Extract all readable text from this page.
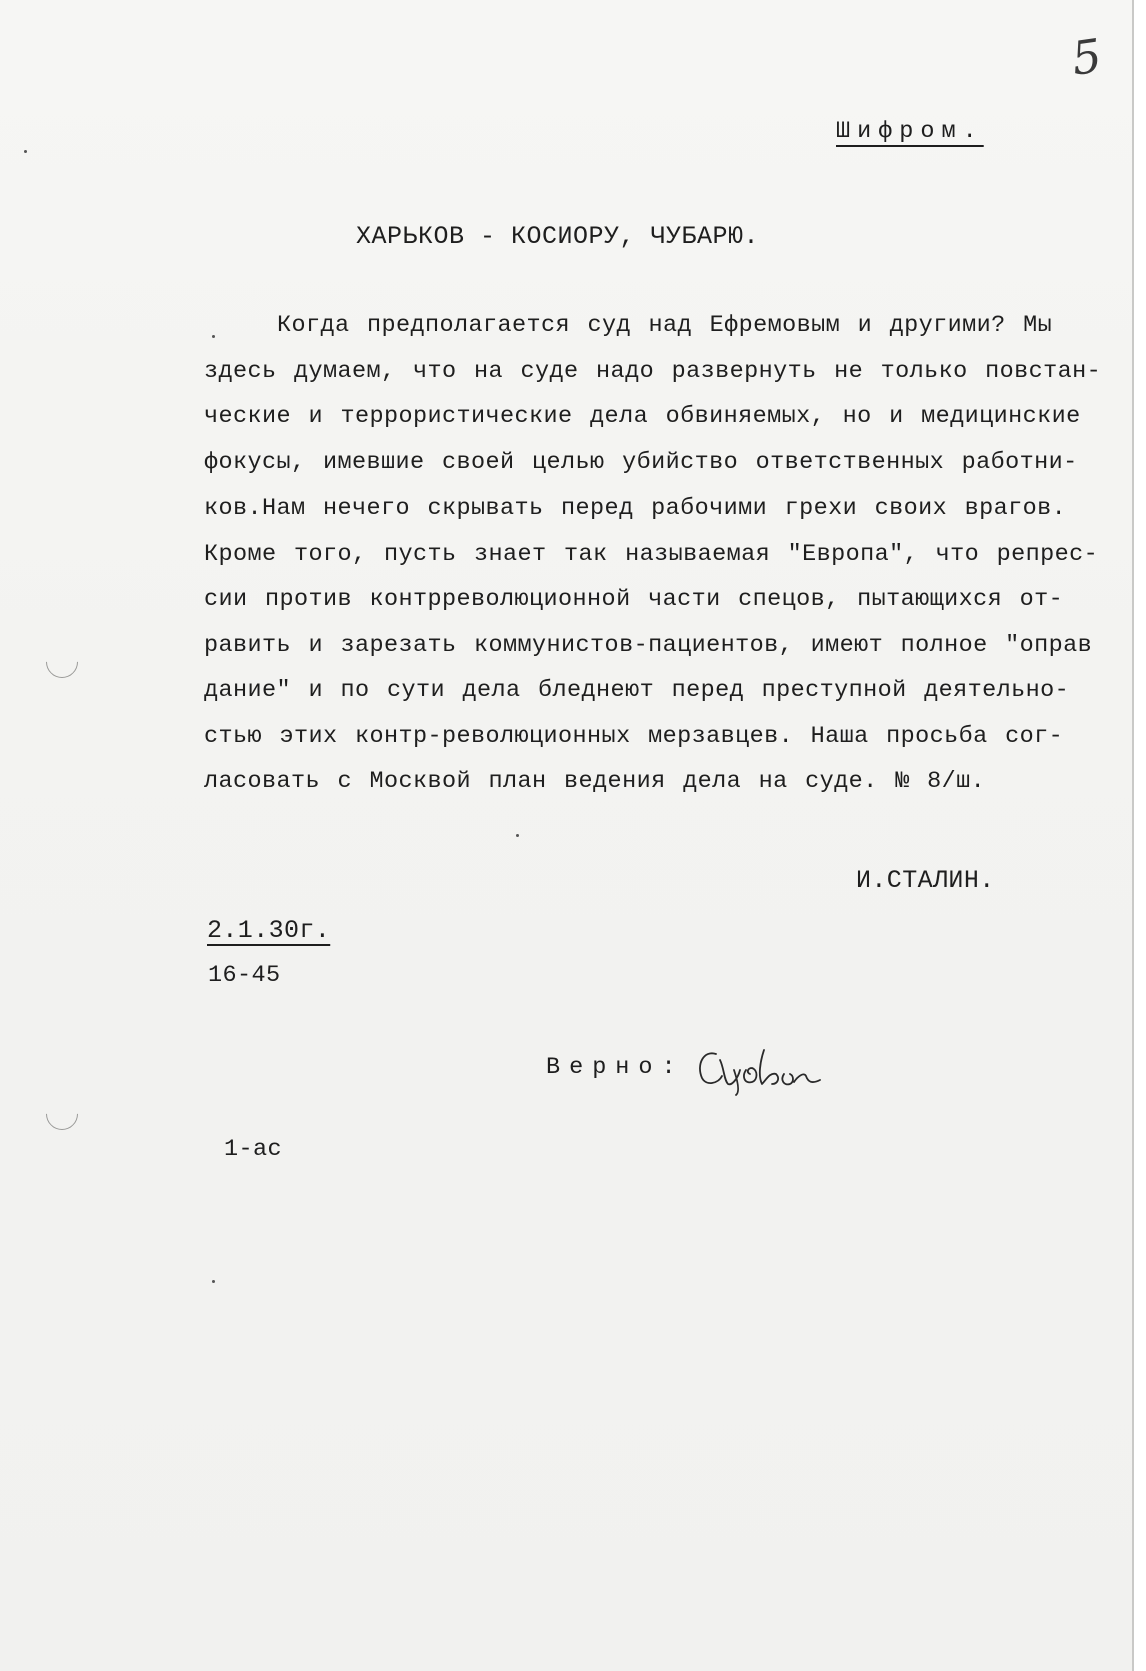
5
Шифром.
ХАРЬКОВ - КОСИОРУ, ЧУБАРЮ.
Когда предполагается суд над Ефремовым и другими? Мы
здесь думаем, что на суде надо развернуть не только повстан-
ческие и террористические дела обвиняемых, но и медицинские
фокусы, имевшие своей целью убийство ответственных работни-
ков.Нам нечего скрывать перед рабочими грехи своих врагов.
Кроме того, пусть знает так называемая "Европа", что репрес-
сии против контрреволюционной части спецов, пытающихся от-
равить и зарезать коммунистов-пациентов, имеют полное "оправ
дание" и по сути дела бледнеют перед преступной деятельно-
стью этих контр-революционных мерзавцев. Наша просьба сог-
ласовать с Москвой план ведения дела на суде. № 8/ш.
И.СТАЛИН.
2.1.30г.
16-45
Верно:
1-ас
